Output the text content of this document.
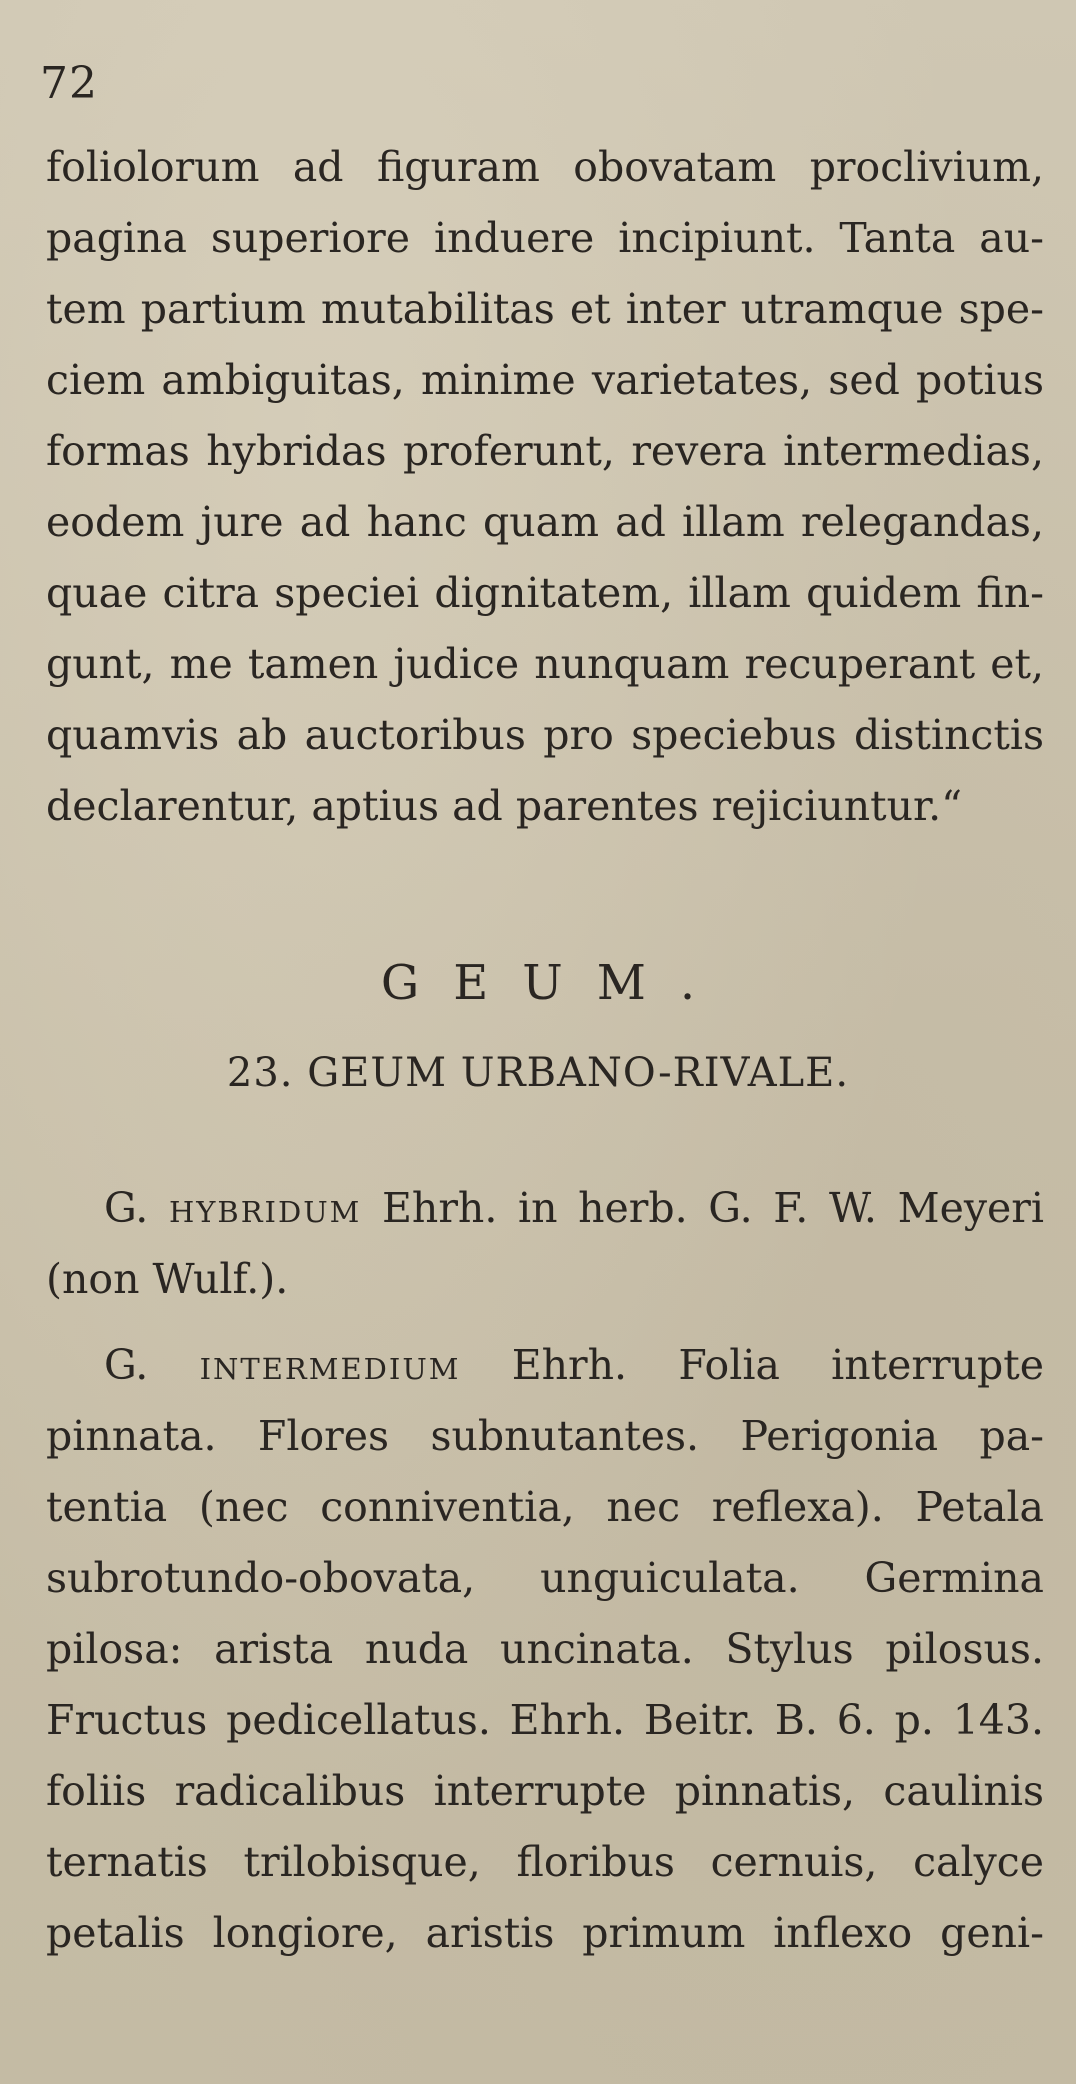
72
foliolorum ad figuram obovatam proclivium,
pagina superiore induere incipiunt. Tanta au-
tem partium mutabilitas et inter utramque spe-
ciem ambiguitas, minime varietates, sed potius
formas hybridas proferunt, revera intermedias,
eodem jure ad hanc quam ad illam relegandas,
quae citra speciei dignitatem, illam quidem fin-
gunt, me tamen judice nunquam recuperant et,
quamvis ab auctoribus pro speciebus distinctis
declarentur, aptius ad parentes rejiciuntur.“
GEUM.
23. GEUM URBANO-RIVALE.
G. hybridum Ehrh. in herb. G. F. W. Meyeri
(non Wulf.).
G. intermedium Ehrh. Folia interrupte
pinnata. Flores subnutantes. Perigonia pa-
tentia (nec conniventia, nec reflexa). Petala
subrotundo-obovata, unguiculata. Germina
pilosa: arista nuda uncinata. Stylus pilosus.
Fructus pedicellatus. Ehrh. Beitr. B. 6. p. 143.
foliis radicalibus interrupte pinnatis, caulinis
ternatis trilobisque, floribus cernuis, calyce
petalis longiore, aristis primum inflexo geni-
